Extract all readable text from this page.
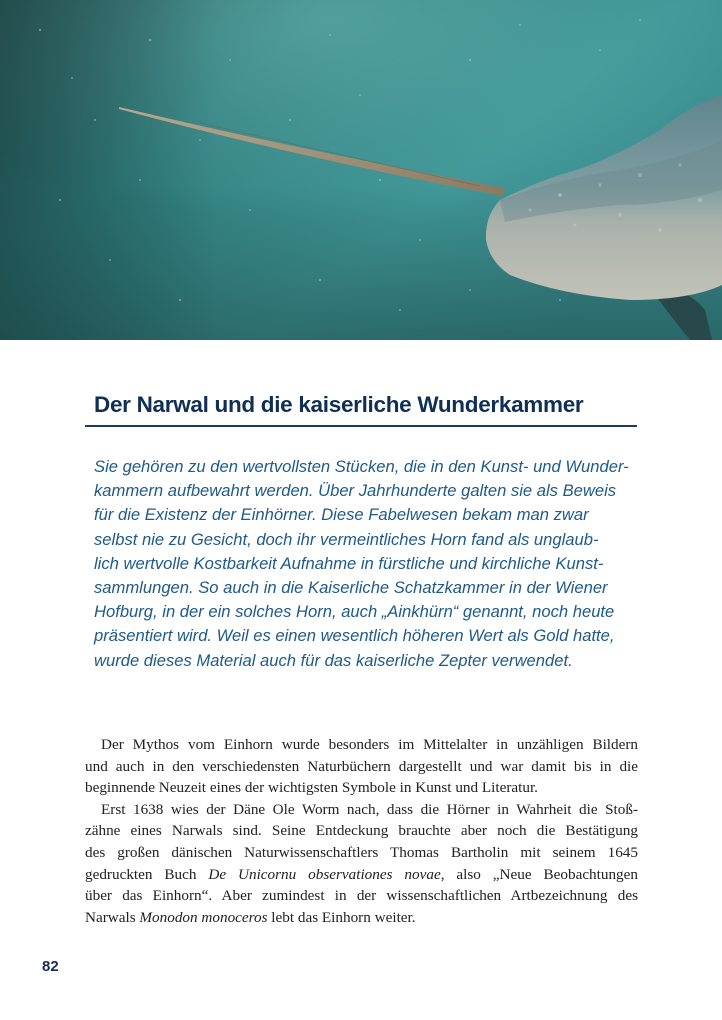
Der Narwal und die kaiserliche Wunderkammer

Sie gehören zu den wertvollsten Stücken, die in den Kunst- und Wunder-
kammern aufbewahrt werden. Über Jahrhunderte galten sie als Beweis
für die Existenz der Einhörner. Diese Fabelwesen bekam man zwar
selbst nie zu Gesicht, doch ihr vermeintliches Horn fand als unglaub-
lich wertvolle Kostbarkeit Aufnahme in fürstliche und kirchliche Kunst-
sammlungen. So auch in die Kaiserliche Schatzkammer in der Wiener
Hofburg, in der ein solches Horn, auch „Ainkhürn“ genannt, noch heute
präsentiert wird. Weil es einen wesentlich höheren Wert als Gold hatte,
wurde dieses Material auch für das kaiserliche Zepter verwendet.

Der Mythos vom Einhorn wurde besonders im Mittelalter in unzähligen Bildern
und auch in den verschiedensten Naturbüchern dargestellt und war damit bis in die
beginnende Neuzeit eines der wichtigsten Symbole in Kunst und Literatur.
Erst 1638 wies der Däne Ole Worm nach, dass die Hörner in Wahrheit die Stoß-
zähne eines Narwals sind. Seine Entdeckung brauchte aber noch die Bestätigung
des großen dänischen Naturwissenschaftlers Thomas Bartholin mit seinem 1645
gedruckten Buch De Unicornu observationes novae, also „Neue Beobachtungen
über das Einhorn“. Aber zumindest in der wissenschaftlichen Artbezeichnung des
Narwals Monodon monoceros lebt das Einhorn weiter.
82
